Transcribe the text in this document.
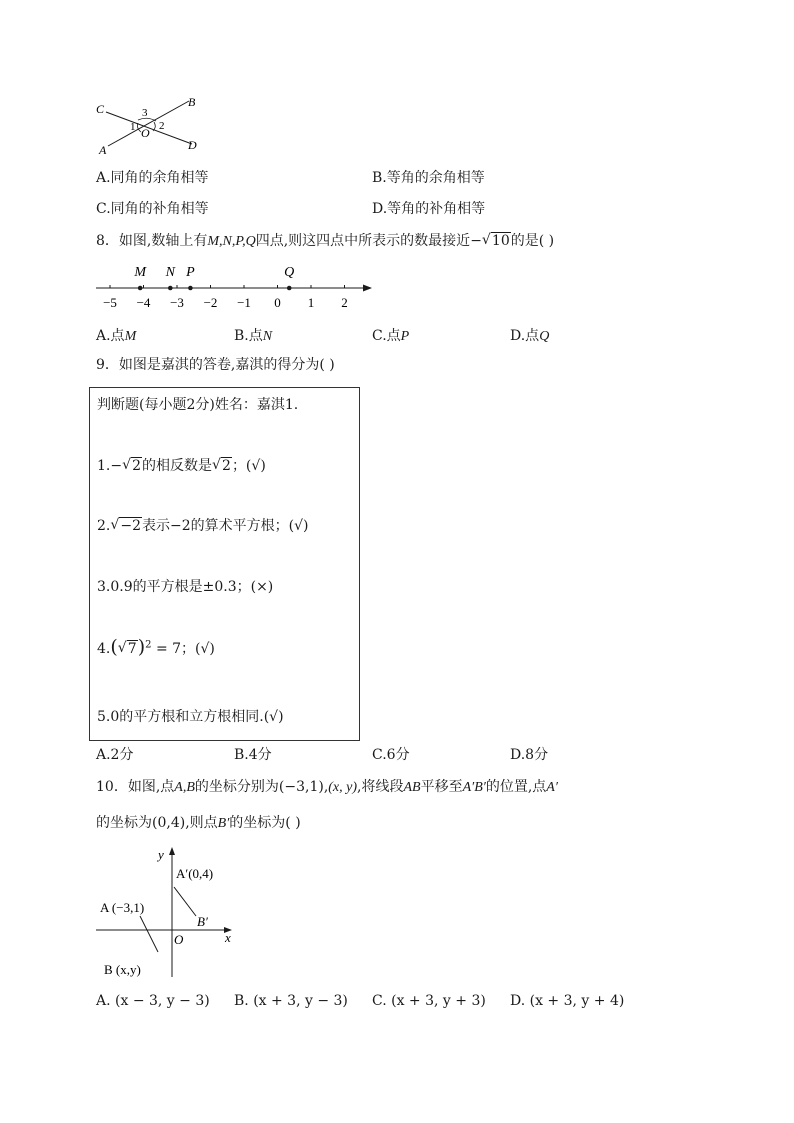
C	B
A	D
O
1 2
3
A.同角的余角相等	B.等角的余角相等
C.同角的补角相等	D.等角的补角相等
8．如图,数轴上有M,N,P,Q四点,则这四点中所表示的数最接近− √ 10的是( )
−5 −4 −3 −2 −1 0 1 2
M N P	Q
A.点M	B.点N	C.点P	D.点Q
9．如图是嘉淇的答卷,嘉淇的得分为( )
判断题(每小题2分)姓名：嘉淇1.
1.− √ 2的相反数是 √ 2；(√)
2. √ −2表示−2的算术平方根；(√)
3.0.9的平方根是±0.3；(×)
4.( √ 7)$^2$ = 7；(√)
5.0的平方根和立方根相同.(√)
A.2分	B.4分	C.6分	D.8分
10．如图,点A,B的坐标分别为(−3,1),(x, y),将线段AB平移至A′B′的位置,点A′
的坐标为(0,4),则点B′的坐标为( )
y
x
O
A′(0,4)
B′
A (−3,1)
B (x,y)
A. (x − 3, y − 3) B. (x + 3, y − 3) C. (x + 3, y + 3) D. (x + 3, y + 4)
